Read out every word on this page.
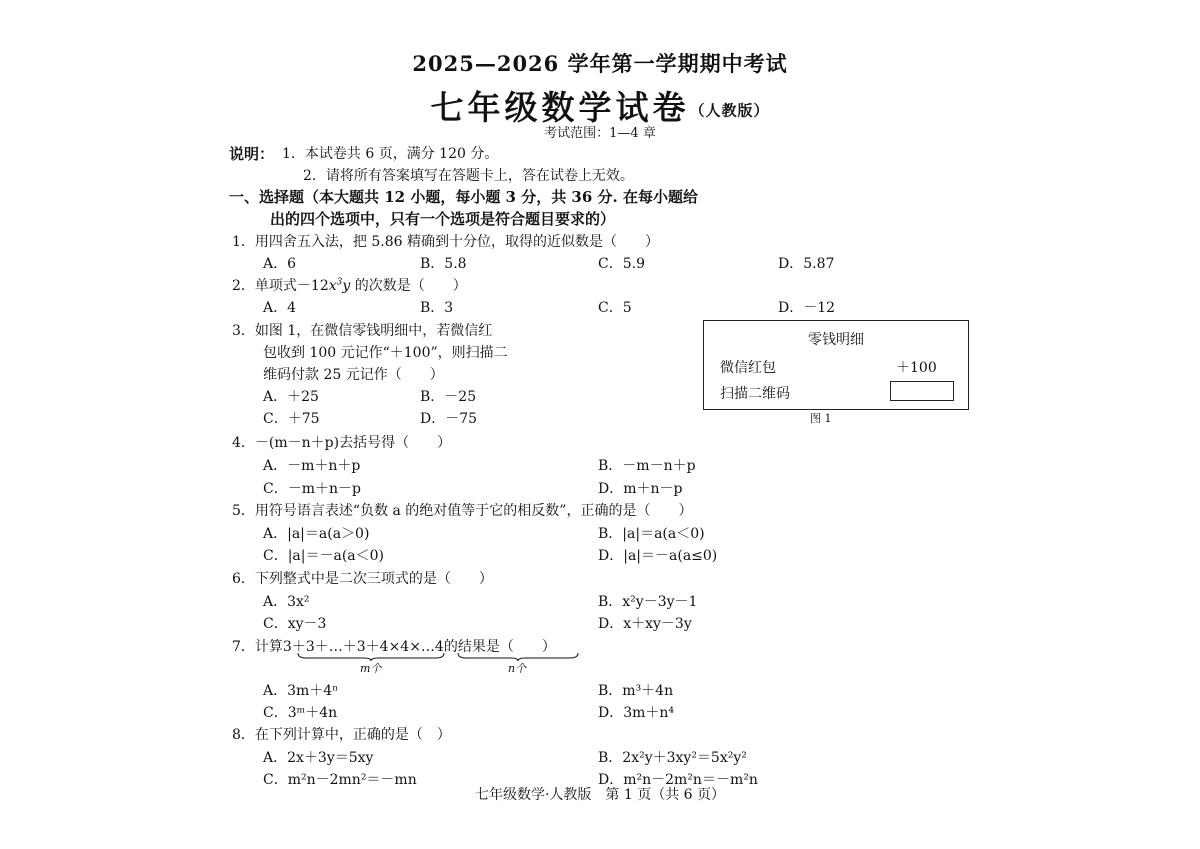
2025—2026 学年第一学期期中考试
七年级数学试卷（人教版）
考试范围：1—4 章
说明： 1．本试卷共 6 页，满分 120 分。
2．请将所有答案填写在答题卡上，答在试卷上无效。
一、选择题（本大题共 12 小题，每小题 3 分，共 36 分. 在每小题给
出的四个选项中，只有一个选项是符合题目要求的）
1．用四舍五入法，把 5.86 精确到十分位，取得的近似数是（　　）
A．6	B．5.8	C．5.9	D．5.87
2．单项式$-12x^3y$ 的次数是（　　）
A．4	B．3	C．5	D．－12
3．如图 1，在微信零钱明细中，若微信红
包收到 100 元记作“＋100”，则扫描二
维码付款 25 元记作（　　）
A．＋25	B．－25
C．＋75	D．－75
零钱明细
微信红包	＋100
扫描二维码
图 1
4．－(m－n＋p)去括号得（　　）
A．－m＋n＋p	B．－m－n＋p
C．－m＋n－p	D．m＋n－p
5．用符号语言表述“负数 a 的绝对值等于它的相反数”，正确的是（　　）
A．|a|＝a(a＞0)	B．|a|＝a(a＜0)
C．|a|＝－a(a＜0)	D．|a|＝－a(a≤0)
6．下列整式中是二次三项式的是（　　）
A．3x²	B．x²y－3y－1
C．xy－3	D．x＋xy－3y
7．计算3＋3＋…＋3＋4×4×…4的结果是（　　）
m个	n个
A．3m＋4ⁿ	B．m³＋4n
C．3ᵐ＋4n	D．3m＋n⁴
8．在下列计算中，正确的是（　）
A．2x＋3y＝5xy	B．2x²y＋3xy²＝5x²y²
C．m²n－2mn²＝－mn	D．m²n－2m²n＝－m²n
七年级数学·人教版　第 1 页（共 6 页）
